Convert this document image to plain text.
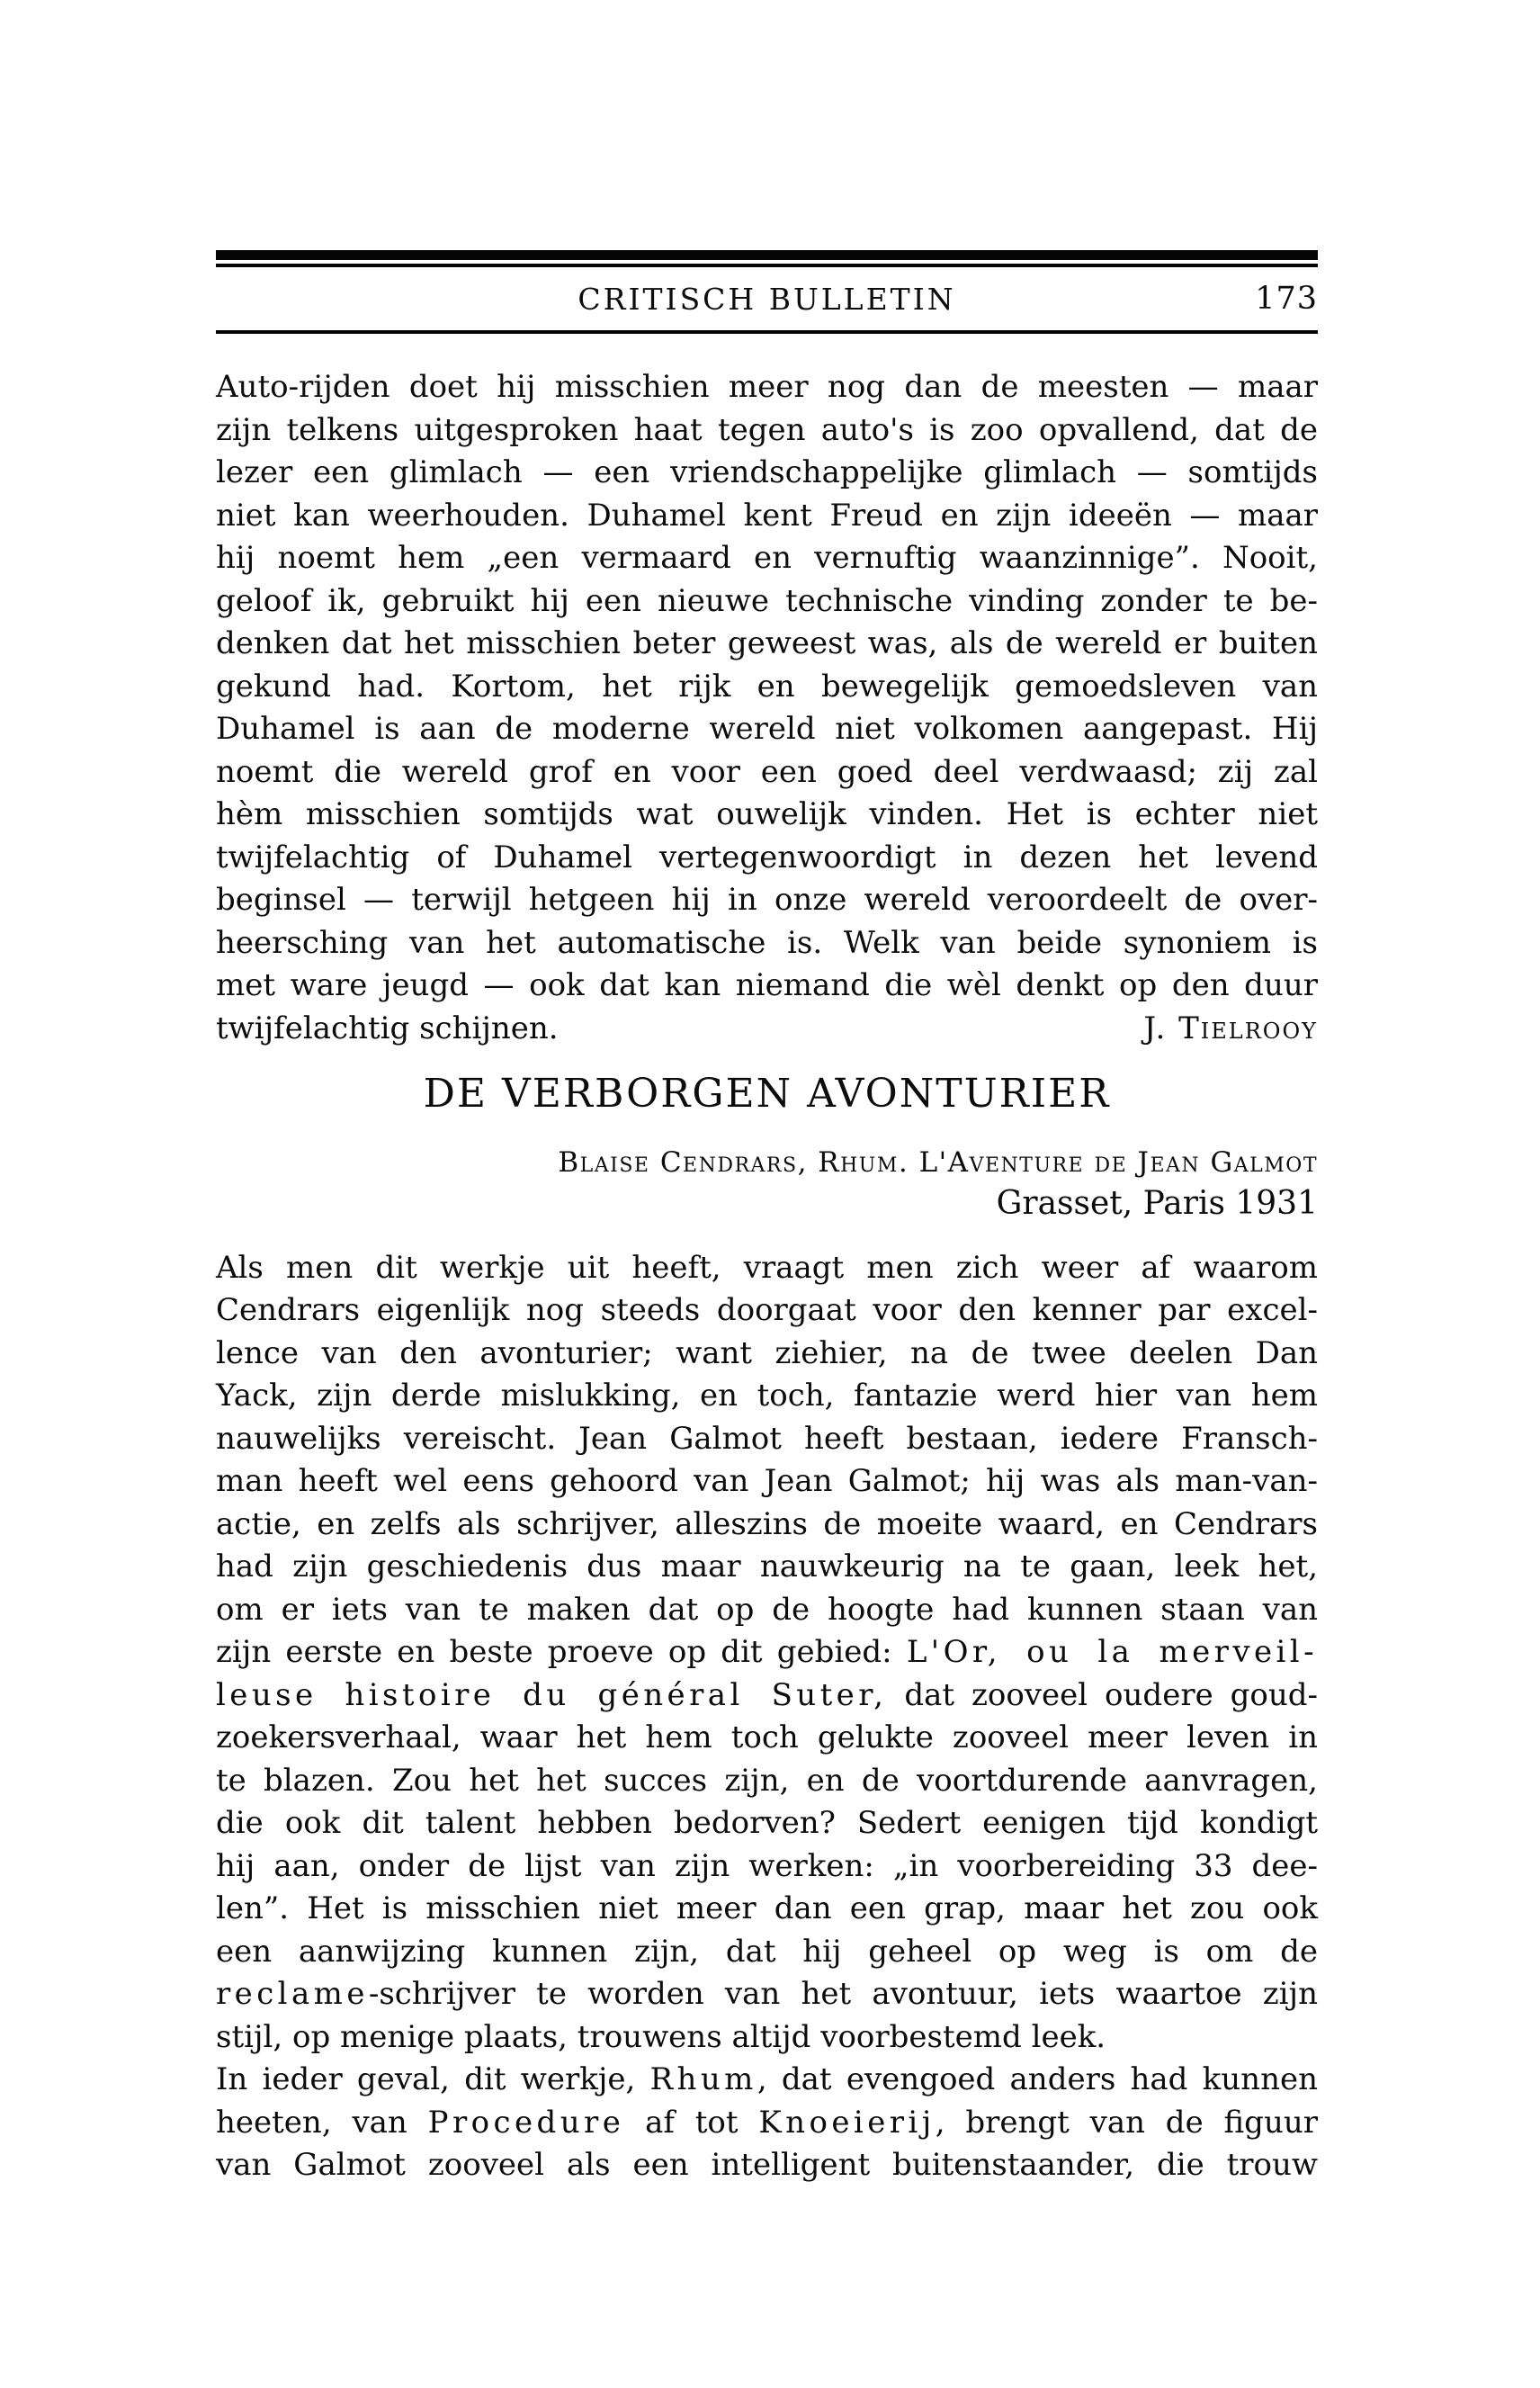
CRITISCH BULLETIN	173
Auto-rijden doet hij misschien meer nog dan de meesten — maar
zijn telkens uitgesproken haat tegen auto's is zoo opvallend, dat de
lezer een glimlach — een vriendschappelijke glimlach — somtijds
niet kan weerhouden. Duhamel kent Freud en zijn ideeën — maar
hij noemt hem „een vermaard en vernuftig waanzinnige”. Nooit,
geloof ik, gebruikt hij een nieuwe technische vinding zonder te be-
denken dat het misschien beter geweest was, als de wereld er buiten
gekund had. Kortom, het rijk en bewegelijk gemoedsleven van
Duhamel is aan de moderne wereld niet volkomen aangepast. Hij
noemt die wereld grof en voor een goed deel verdwaasd; zij zal
hèm misschien somtijds wat ouwelijk vinden. Het is echter niet
twijfelachtig of Duhamel vertegenwoordigt in dezen het levend
beginsel — terwijl hetgeen hij in onze wereld veroordeelt de over-
heersching van het automatische is. Welk van beide synoniem is
met ware jeugd — ook dat kan niemand die wèl denkt op den duur
twijfelachtig schijnen.	J. Tielrooy
DE VERBORGEN AVONTURIER
Blaise Cendrars, Rhum. L'Aventure de Jean Galmot
Grasset, Paris 1931
Als men dit werkje uit heeft, vraagt men zich weer af waarom
Cendrars eigenlijk nog steeds doorgaat voor den kenner par excel-
lence van den avonturier; want ziehier, na de twee deelen Dan
Yack, zijn derde mislukking, en toch, fantazie werd hier van hem
nauwelijks vereischt. Jean Galmot heeft bestaan, iedere Fransch-
man heeft wel eens gehoord van Jean Galmot; hij was als man-van-
actie, en zelfs als schrijver, alleszins de moeite waard, en Cendrars
had zijn geschiedenis dus maar nauwkeurig na te gaan, leek het,
om er iets van te maken dat op de hoogte had kunnen staan van
zijn eerste en beste proeve op dit gebied: L'Or, ou la merveil-
leuse histoire du général Suter, dat zooveel oudere goud-
zoekersverhaal, waar het hem toch gelukte zooveel meer leven in
te blazen. Zou het het succes zijn, en de voortdurende aanvragen,
die ook dit talent hebben bedorven? Sedert eenigen tijd kondigt
hij aan, onder de lijst van zijn werken: „in voorbereiding 33 dee-
len”. Het is misschien niet meer dan een grap, maar het zou ook
een aanwijzing kunnen zijn, dat hij geheel op weg is om de
reclame-schrijver te worden van het avontuur, iets waartoe zijn
stijl, op menige plaats, trouwens altijd voorbestemd leek.
In ieder geval, dit werkje, Rhum, dat evengoed anders had kunnen
heeten, van Procedure af tot Knoeierij, brengt van de figuur
van Galmot zooveel als een intelligent buitenstaander, die trouw
